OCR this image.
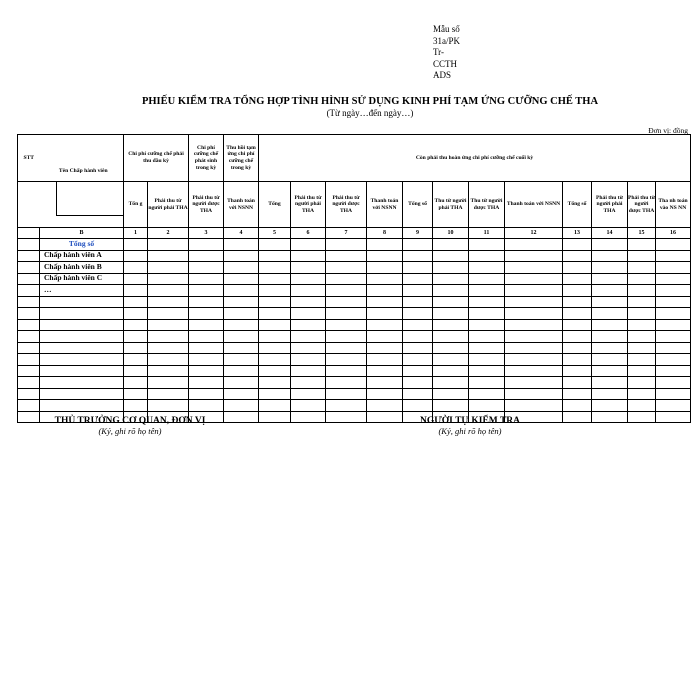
Mẫu số
31a/PK
Tr-
CCTH
ADS
PHIẾU KIỂM TRA TỔNG HỢP TÌNH HÌNH SỬ DỤNG KINH PHÍ TẠM ỨNG CƯỠNG CHẾ THA
(Từ ngày…đến ngày…)
Đơn vị: đồng
STT	Tên Chấp hành viên	Chi phí cưỡng chế phải thu đầu kỳ		Chi phí cưỡng chế phát sinh trong kỳ	Thu hồi tạm ứng chi phí cưỡng chế trong kỳ	Còn phải thu hoàn ứng chi phí cưỡng chế cuối kỳ											

	Tổn g	Phải thu từ người phải THA	Phải thu từ người được THA	Thanh toán với NSNN	Tổng	Phải thu từ người phải THA	Phải thu từ người được THA	Thanh toán với NSNN	Tổng số	Thu từ người phải THA	Thu từ người được THA	Thanh toán với NSNN	Tổng số	Phải thu từ người phải THA	Phải thu từ người được THA	Tha nh toán vào NS NN
	B	1	2	3	4	5	6	7	8	9	10	11	12	13	14	15	16
	Tổng số																
	Chấp hành viên A																
	Chấp hành viên B																
	Chấp hành viên C																
	…																

THỦ TRƯỞNG CƠ QUAN, ĐƠN VỊ
(Ký, ghi rõ họ tên)
NGƯỜI TỰ KIỂM TRA
(Ký, ghi rõ họ tên)
